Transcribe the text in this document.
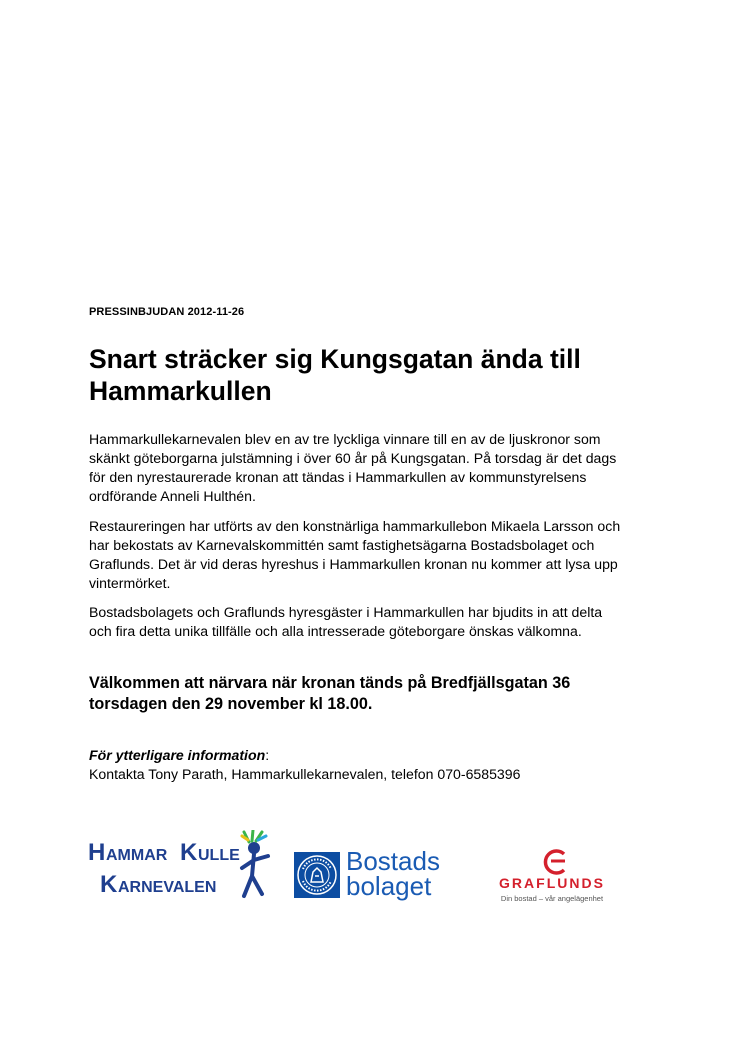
PRESSINBJUDAN 2012-11-26
Snart sträcker sig Kungsgatan ända till
Hammarkullen
Hammarkullekarnevalen blev en av tre lyckliga vinnare till en av de ljuskronor som
skänkt göteborgarna julstämning i över 60 år på Kungsgatan. På torsdag är det dags
för den nyrestaurerade kronan att tändas i Hammarkullen av kommunstyrelsens
ordförande Anneli Hulthén.
Restaureringen har utförts av den konstnärliga hammarkullebon Mikaela Larsson och
har bekostats av Karnevalskommittén samt fastighetsägarna Bostadsbolaget och
Graflunds. Det är vid deras hyreshus i Hammarkullen kronan nu kommer att lysa upp
vintermörket.
Bostadsbolagets och Graflunds hyresgäster i Hammarkullen har bjudits in att delta
och fira detta unika tillfälle och alla intresserade göteborgare önskas välkomna.
Välkommen att närvara när kronan tänds på Bredfjällsgatan 36
torsdagen den 29 november kl 18.00.
För ytterligare information:
Kontakta Tony Parath, Hammarkullekarnevalen, telefon 070-6585396
H AMMAR K ULLE
K ARNEVALEN
Bostads
bolaget	GRAFLUNDS
Din bostad – vår angelägenhet
